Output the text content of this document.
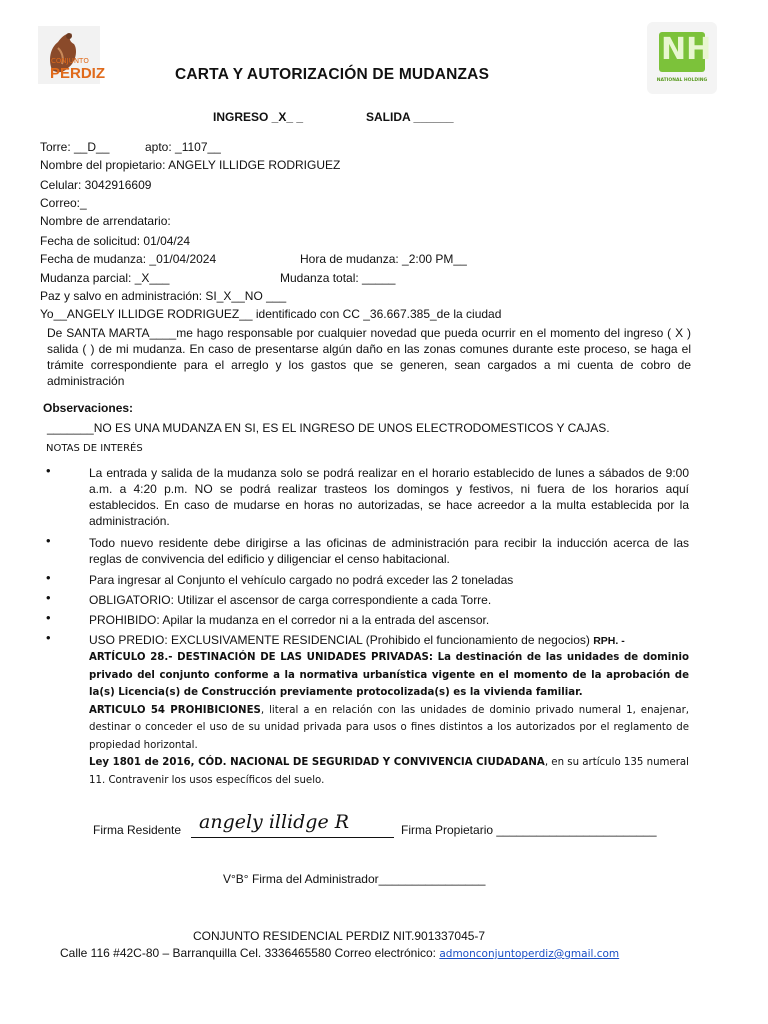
CONJUNTO
PERDIZ	CARTA Y AUTORIZACIÓN DE MUDANZAS
NH
NATIONAL HOLDING
INGRESO _X_ _	SALIDA ______
Torre: __D__	apto: _1107__
Nombre del propietario: ANGELY ILLIDGE RODRIGUEZ
Celular: 3042916609
Correo:_
Nombre de arrendatario:
Fecha de solicitud: 01/04/24
Fecha de mudanza: _01/04/2024	Hora de mudanza: _2:00 PM__
Mudanza parcial: _X___	Mudanza total: _____
Paz y salvo en administración: SI_X__NO ___
Yo__ANGELY ILLIDGE RODRIGUEZ__ identificado con CC _36.667.385_de la ciudad
De SANTA MARTA____me hago responsable por cualquier novedad que pueda ocurrir en el momento del ingreso ( X ) salida ( ) de mi mudanza. En caso de presentarse algún daño en las zonas comunes durante este proceso, se haga el trámite correspondiente para el arreglo y los gastos que se generen, sean cargados a mi cuenta de cobro de administración
Observaciones:
_______NO ES UNA MUDANZA EN SI, ES EL INGRESO DE UNOS ELECTRODOMESTICOS Y CAJAS.
NOTAS DE INTERÉS
•	La entrada y salida de la mudanza solo se podrá realizar en el horario establecido de lunes a sábados de 9:00 a.m. a 4:20 p.m. NO se podrá realizar trasteos los domingos y festivos, ni fuera de los horarios aquí establecidos. En caso de mudarse en horas no autorizadas, se hace acreedor a la multa establecida por la administración.
•	Todo nuevo residente debe dirigirse a las oficinas de administración para recibir la inducción acerca de las reglas de convivencia del edificio y diligenciar el censo habitacional.
•	Para ingresar al Conjunto el vehículo cargado no podrá exceder las 2 toneladas
•	OBLIGATORIO: Utilizar el ascensor de carga correspondiente a cada Torre.
•	PROHIBIDO: Apilar la mudanza en el corredor ni a la entrada del ascensor.
•	USO PREDIO: EXCLUSIVAMENTE RESIDENCIAL (Prohibido el funcionamiento de negocios) RPH. -
ARTÍCULO 28.- DESTINACIÓN DE LAS UNIDADES PRIVADAS: La destinación de las unidades de dominio privado del conjunto conforme a la normativa urbanística vigente en el momento de la aprobación de la(s) Licencia(s) de Construcción previamente protocolizada(s) es la vivienda familiar.
ARTICULO 54 PROHIBICIONES, literal a en relación con las unidades de dominio privado numeral 1, enajenar, destinar o conceder el uso de su unidad privada para usos o fines distintos a los autorizados por el reglamento de propiedad horizontal.
Ley 1801 de 2016, CÓD. NACIONAL DE SEGURIDAD Y CONVIVENCIA CIUDADANA, en su artículo 135 numeral 11. Contravenir los usos específicos del suelo.
Firma Residente angely illidge R	Firma Propietario ________________________
V°B° Firma del Administrador________________
CONJUNTO RESIDENCIAL PERDIZ NIT.901337045-7
Calle 116 #42C-80 – Barranquilla Cel. 3336465580 Correo electrónico: admonconjuntoperdiz@gmail.com
